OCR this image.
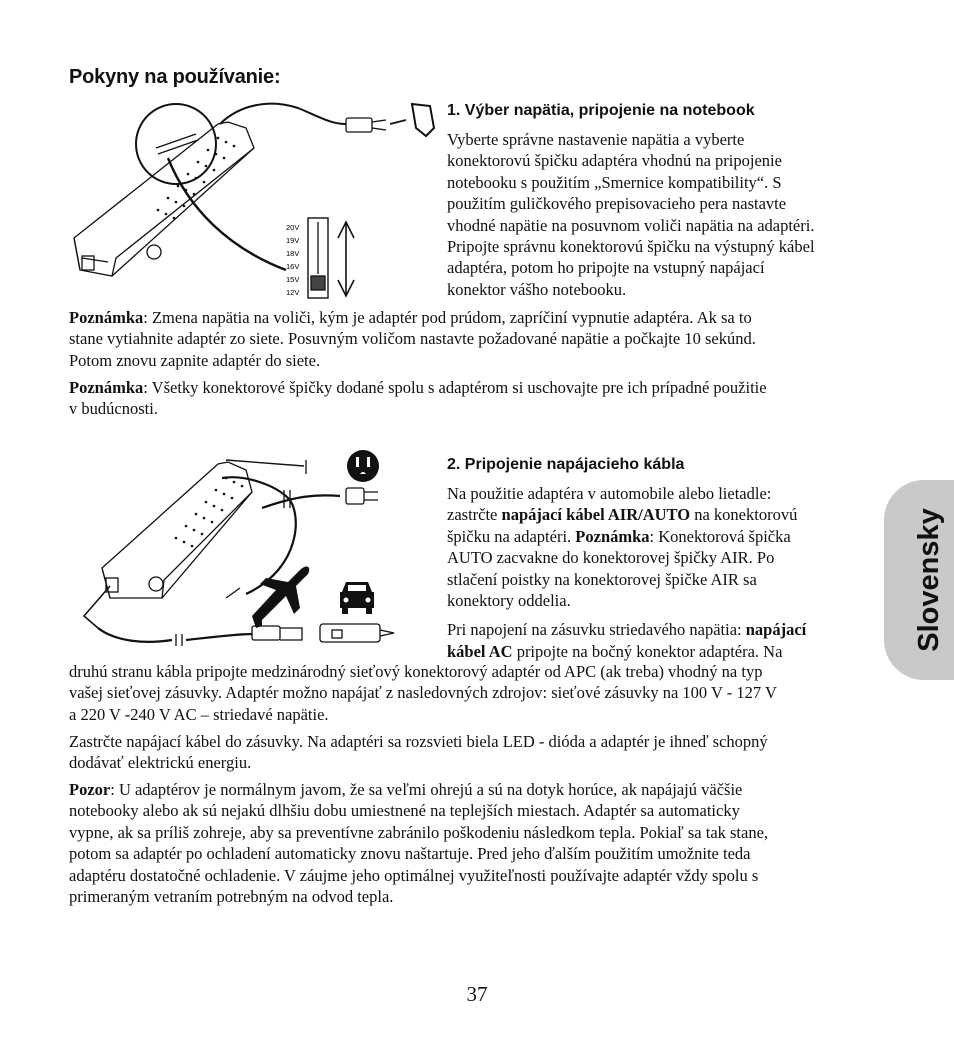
Pokyny na používanie:
20V
19V
18V
16V
15V
12V
1. Výber napätia, pripojenie na notebook

Vyberte správne nastavenie napätia a vyberte

konektorovú špičku adaptéra vhodnú na pripojenie

notebooku s použitím „Smernice kompatibility“. S

použitím guličkového prepisovacieho pera nastavte

vhodné napätie na posuvnom voliči napätia na adaptéri.

Pripojte správnu konektorovú špičku na výstupný kábel

adaptéra, potom ho pripojte na vstupný napájací

konektor vášho notebooku.

Poznámka: Zmena napätia na voliči, kým je adaptér pod prúdom, zapríčiní vypnutie adaptéra. Ak sa to

stane vytiahnite adaptér zo siete. Posuvným voličom nastavte požadované napätie a počkajte 10 sekúnd.

Potom znovu zapnite adaptér do siete.

Poznámka: Všetky konektorové špičky dodané spolu s adaptérom si uschovajte pre ich prípadné použitie

v budúcnosti.

2. Pripojenie napájacieho kábla

Na použitie adaptéra v automobile alebo lietadle:

zastrčte napájací kábel AIR/AUTO na konektorovú

špičku na adaptéri. Poznámka: Konektorová špička

AUTO zacvakne do konektorovej špičky AIR. Po

stlačení poistky na konektorovej špičke AIR sa

konektory oddelia.

Pri napojení na zásuvku striedavého napätia: napájací

kábel AC pripojte na bočný konektor adaptéra. Na

druhú stranu kábla pripojte medzinárodný sieťový konektorový adaptér od APC (ak treba) vhodný na typ

vašej sieťovej zásuvky. Adaptér možno napájať z nasledovných zdrojov: sieťové zásuvky na 100 V - 127 V

a 220 V -240 V AC – striedavé napätie.

Zastrčte napájací kábel do zásuvky. Na adaptéri sa rozsvieti biela LED - dióda a adaptér je ihneď schopný

dodávať elektrickú energiu.

Pozor: U adaptérov je normálnym javom, že sa veľmi ohrejú a sú na dotyk horúce, ak napájajú väčšie

notebooky alebo ak sú nejakú dlhšiu dobu umiestnené na teplejších miestach. Adaptér sa automaticky

vypne, ak sa príliš zohreje, aby sa preventívne zabránilo poškodeniu následkom tepla. Pokiaľ sa tak stane,

potom sa adaptér po ochladení automaticky znovu naštartuje. Pred jeho ďalším použitím umožnite teda

adaptéru dostatočné ochladenie. V záujme jeho optimálnej využiteľnosti používajte adaptér vždy spolu s

primeraným vetraním potrebným na odvod tepla.

Slovensky
37
